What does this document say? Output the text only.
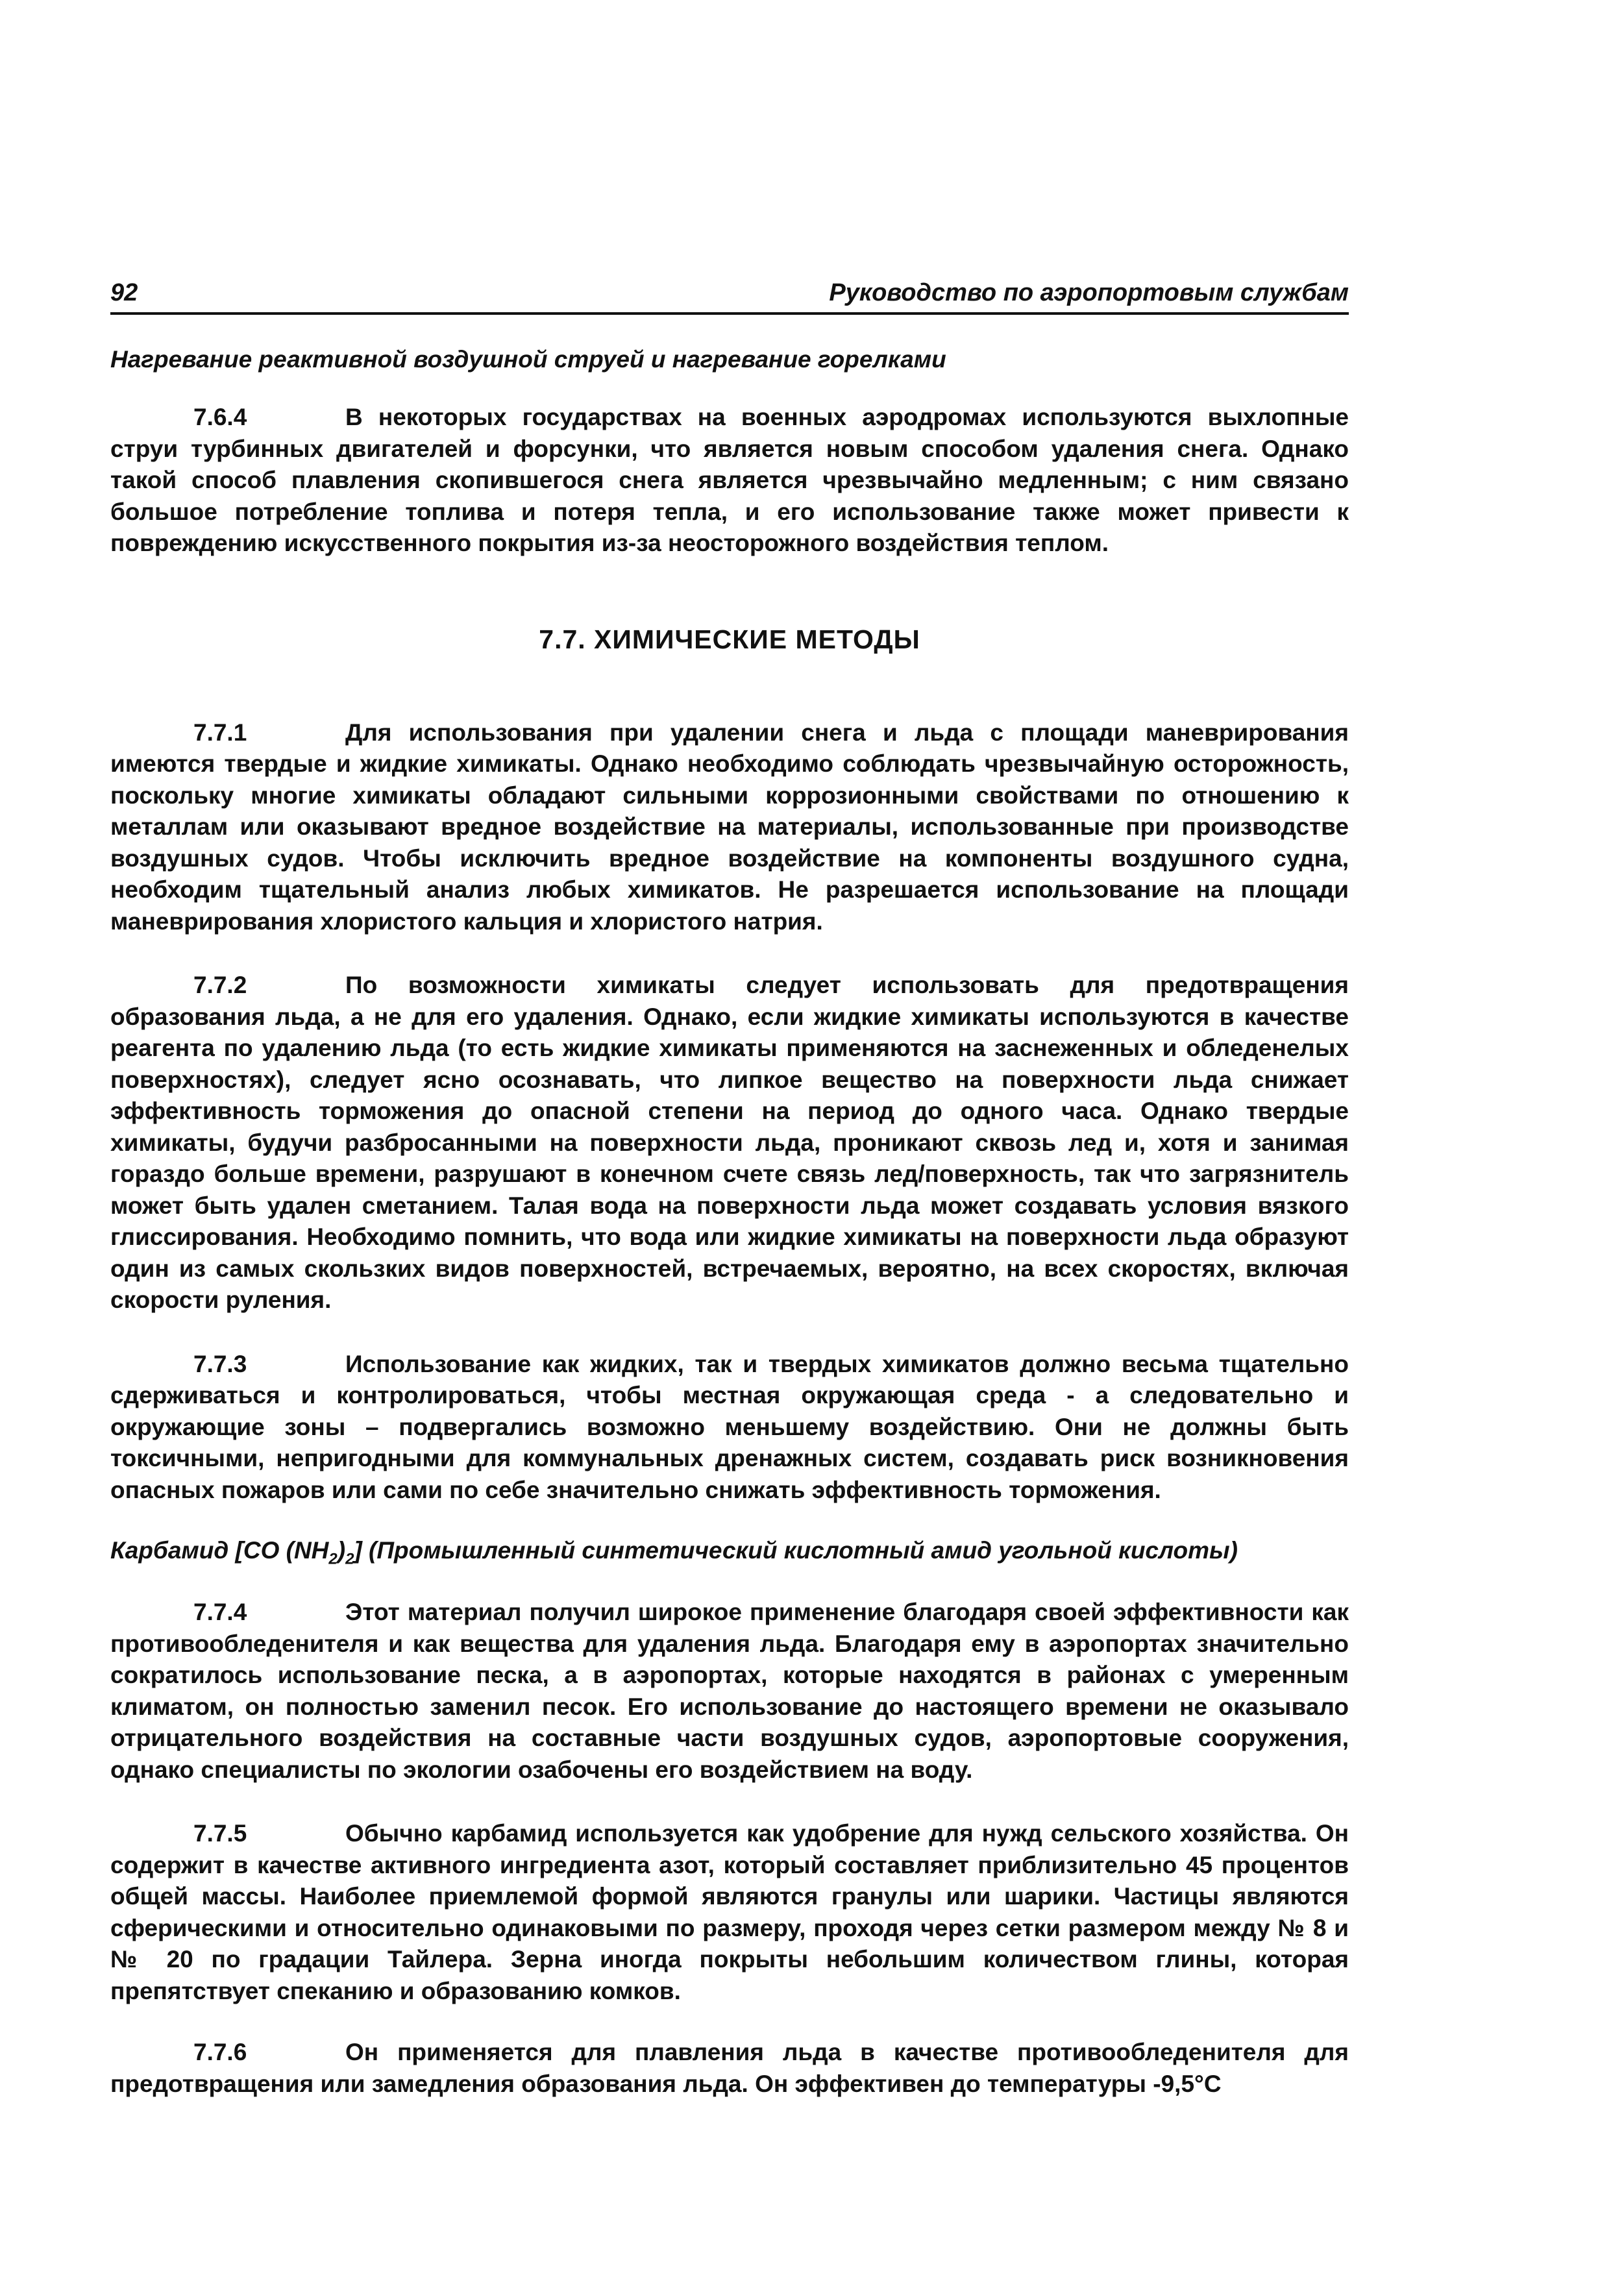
92	Руководство по аэропортовым службам
Нагревание реактивной воздушной струей и нагревание горелками

7.6.4	В некоторых государствах на военных аэродромах используются выхлопные струи турбинных двигателей и форсунки, что является новым способом удаления снега. Однако такой способ плавления скопившегося снега является чрезвычайно медленным; с ним связано большое потребление топлива и потеря тепла, и его использование также может привести к повреждению искусственного покрытия из-за неосторожного воздействия теплом.

7.7. ХИМИЧЕСКИЕ МЕТОДЫ

7.7.1	Для использования при удалении снега и льда с площади маневрирования имеются твердые и жидкие химикаты. Однако необходимо соблюдать чрезвычайную осторожность, поскольку многие химикаты обладают сильными коррозионными свойствами по отношению к металлам или оказывают вредное воздействие на материалы, использованные при производстве воздушных судов. Чтобы исключить вредное воздействие на компоненты воздушного судна, необходим тщательный анализ любых химикатов. Не разрешается использование на площади маневрирования хлористого кальция и хлористого натрия.

7.7.2	По возможности химикаты следует использовать для предотвращения образования льда, а не для его удаления. Однако, если жидкие химикаты используются в качестве реагента по удалению льда (то есть жидкие химикаты применяются на заснеженных и обледенелых поверхностях), следует ясно осознавать, что липкое вещество на поверхности льда снижает эффективность торможения до опасной степени на период до одного часа. Однако твердые химикаты, будучи разбросанными на поверхности льда, проникают сквозь лед и, хотя и занимая гораздо больше времени, разрушают в конечном счете связь лед/поверхность, так что загрязнитель может быть удален сметанием. Талая вода на поверхности льда может создавать условия вязкого глиссирования. Необходимо помнить, что вода или жидкие химикаты на поверхности льда образуют один из самых скользких видов поверхностей, встречаемых, вероятно, на всех скоростях, включая скорости руления.

7.7.3	Использование как жидких, так и твердых химикатов должно весьма тщательно сдерживаться и контролироваться, чтобы местная окружающая среда - а следовательно и окружающие зоны – подвергались возможно меньшему воздействию. Они не должны быть токсичными, непригодными для коммунальных дренажных систем, создавать риск возникновения опасных пожаров или сами по себе значительно снижать эффективность торможения.

Карбамид [CO $(NH_2)_2$] (Промышленный синтетический кислотный амид угольной кислоты)

7.7.4	Этот материал получил широкое применение благодаря своей эффективности как противообледенителя и как вещества для удаления льда. Благодаря ему в аэропортах значительно сократилось использование песка, а в аэропортах, которые находятся в районах с умеренным климатом, он полностью заменил песок. Его использование до настоящего времени не оказывало отрицательного воздействия на составные части воздушных судов, аэропортовые сооружения, однако специалисты по экологии озабочены его воздействием на воду.

7.7.5	Обычно карбамид используется как удобрение для нужд сельского хозяйства. Он содержит в качестве активного ингредиента азот, который составляет приблизительно 45 процентов общей массы. Наиболее приемлемой формой являются гранулы или шарики. Частицы являются сферическими и относительно одинаковыми по размеру, проходя через сетки размером между № 8 и № 20 по градации Тайлера. Зерна иногда покрыты небольшим количеством глины, которая препятствует спеканию и образованию комков.

7.7.6	Он применяется для плавления льда в качестве противообледенителя для предотвращения или замедления образования льда. Он эффективен до температуры -9,5°С
